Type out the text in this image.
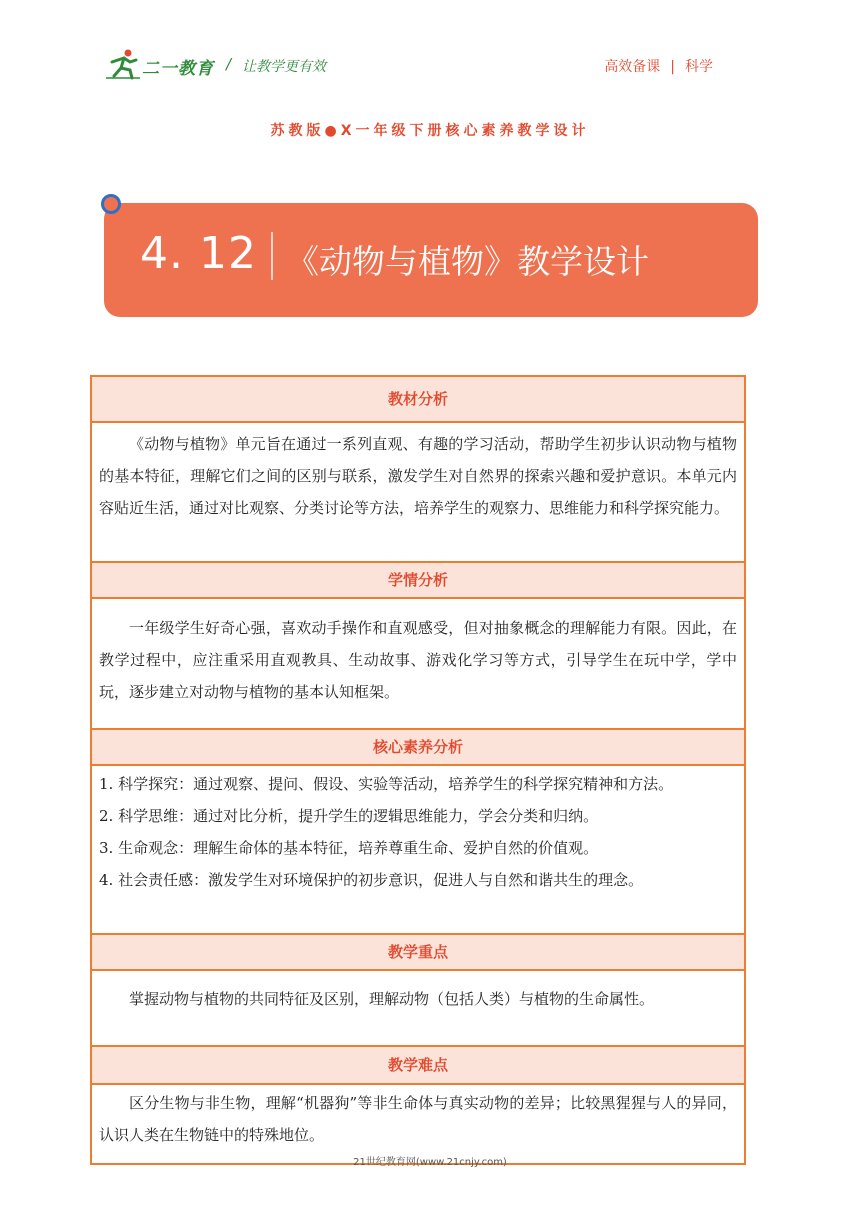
二一教育 / 让教学更有效	高效备课 | 科学
苏教版●X一年级下册核心素养教学设计
4. 12 《动物与植物》教学设计
教材分析

《动物与植物》单元旨在通过一系列直观、有趣的学习活动，帮助学生初步认识动物与植物的基本特征，理解它们之间的区别与联系，激发学生对自然界的探索兴趣和爱护意识。本单元内容贴近生活，通过对比观察、分类讨论等方法，培养学生的观察力、思维能力和科学探究能力。

学情分析

一年级学生好奇心强，喜欢动手操作和直观感受，但对抽象概念的理解能力有限。因此，在教学过程中，应注重采用直观教具、生动故事、游戏化学习等方式，引导学生在玩中学，学中玩，逐步建立对动物与植物的基本认知框架。

核心素养分析

1. 科学探究：通过观察、提问、假设、实验等活动，培养学生的科学探究精神和方法。

2. 科学思维：通过对比分析，提升学生的逻辑思维能力，学会分类和归纳。

3. 生命观念：理解生命体的基本特征，培养尊重生命、爱护自然的价值观。

4. 社会责任感：激发学生对环境保护的初步意识，促进人与自然和谐共生的理念。

教学重点

掌握动物与植物的共同特征及区别，理解动物（包括人类）与植物的生命属性。

教学难点

区分生物与非生物，理解“机器狗”等非生命体与真实动物的差异；比较黑猩猩与人的异同，认识人类在生物链中的特殊地位。

21世纪教育网(www.21cnjy.com)
